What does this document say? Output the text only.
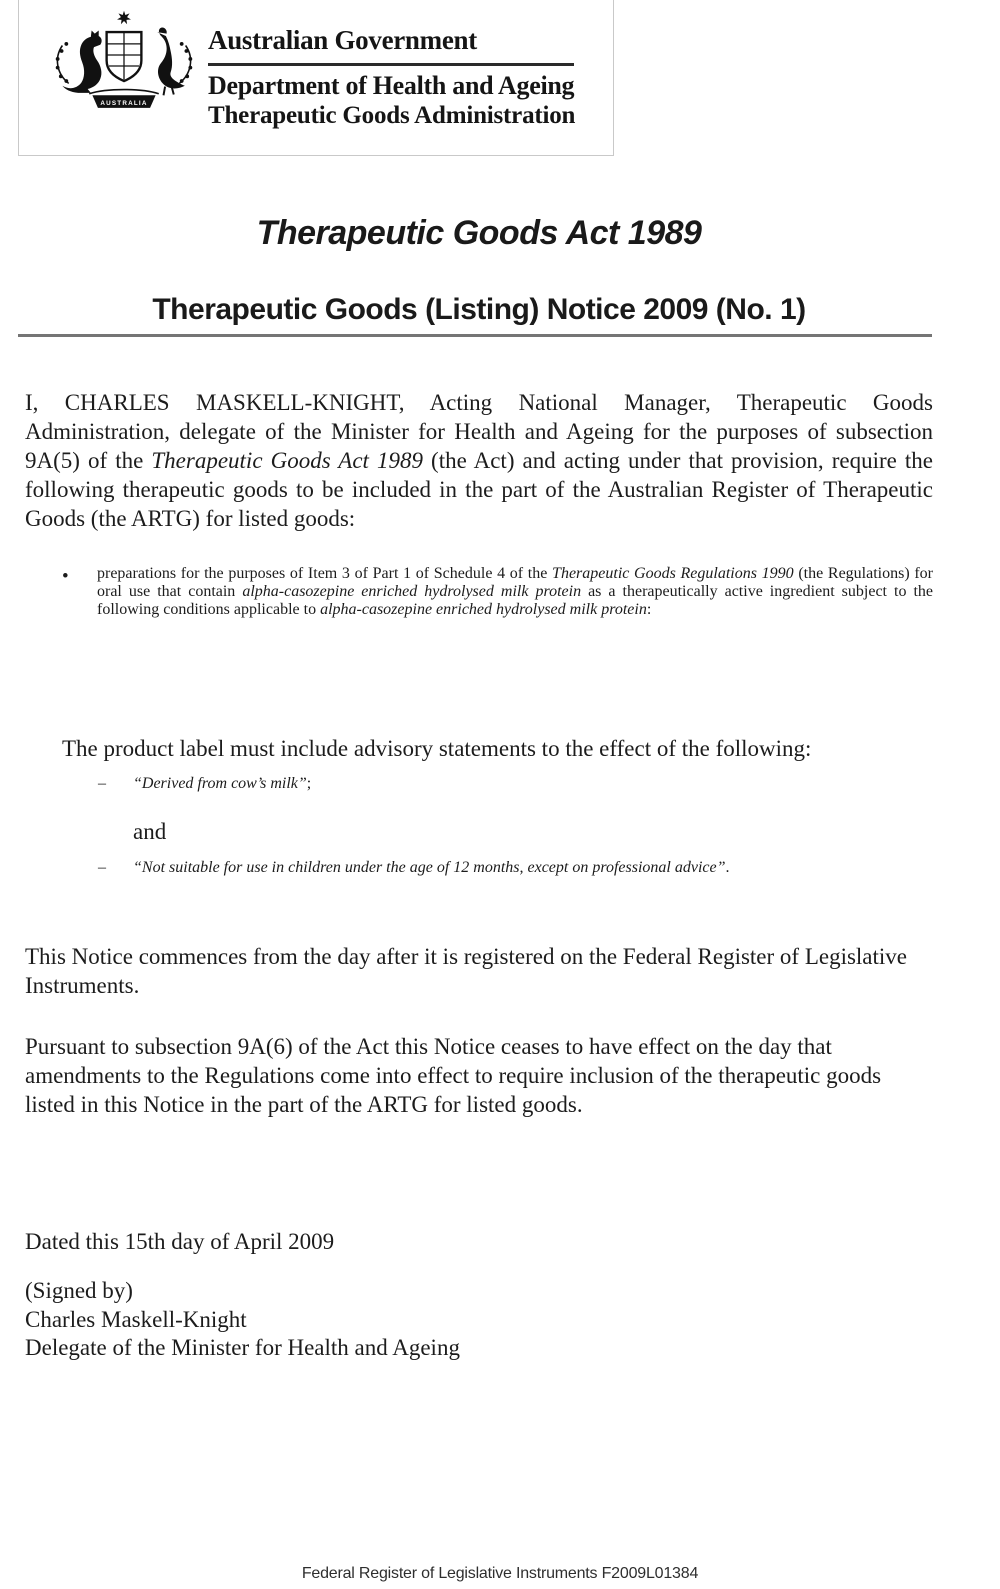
AUSTRALIA
Australian Government
Department of Health and Ageing
Therapeutic Goods Administration
Therapeutic Goods Act 1989
Therapeutic Goods (Listing) Notice 2009 (No. 1)

I, CHARLES MASKELL-KNIGHT, Acting National Manager, Therapeutic Goods Administration, delegate of the Minister for Health and Ageing for the purposes of subsection 9A(5) of the Therapeutic Goods Act 1989 (the Act) and acting under that provision, require the following therapeutic goods to be included in the part of the Australian Register of Therapeutic Goods (the ARTG) for listed goods:

• preparations for the purposes of Item 3 of Part 1 of Schedule 4 of the Therapeutic Goods Regulations 1990 (the Regulations) for oral use that contain alpha-casozepine enriched hydrolysed milk protein as a therapeutically active ingredient subject to the following conditions applicable to alpha-casozepine enriched hydrolysed milk protein:

The product label must include advisory statements to the effect of the following:

– “Derived from cow’s milk”;

and

– “Not suitable for use in children under the age of 12 months, except on professional advice”.

This Notice commences from the day after it is registered on the Federal Register of Legislative Instruments.

Pursuant to subsection 9A(6) of the Act this Notice ceases to have effect on the day that amendments to the Regulations come into effect to require inclusion of the therapeutic goods listed in this Notice in the part of the ARTG for listed goods.

Dated this 15th day of April 2009

(Signed by)

Charles Maskell-Knight

Delegate of the Minister for Health and Ageing

Federal Register of Legislative Instruments F2009L01384
